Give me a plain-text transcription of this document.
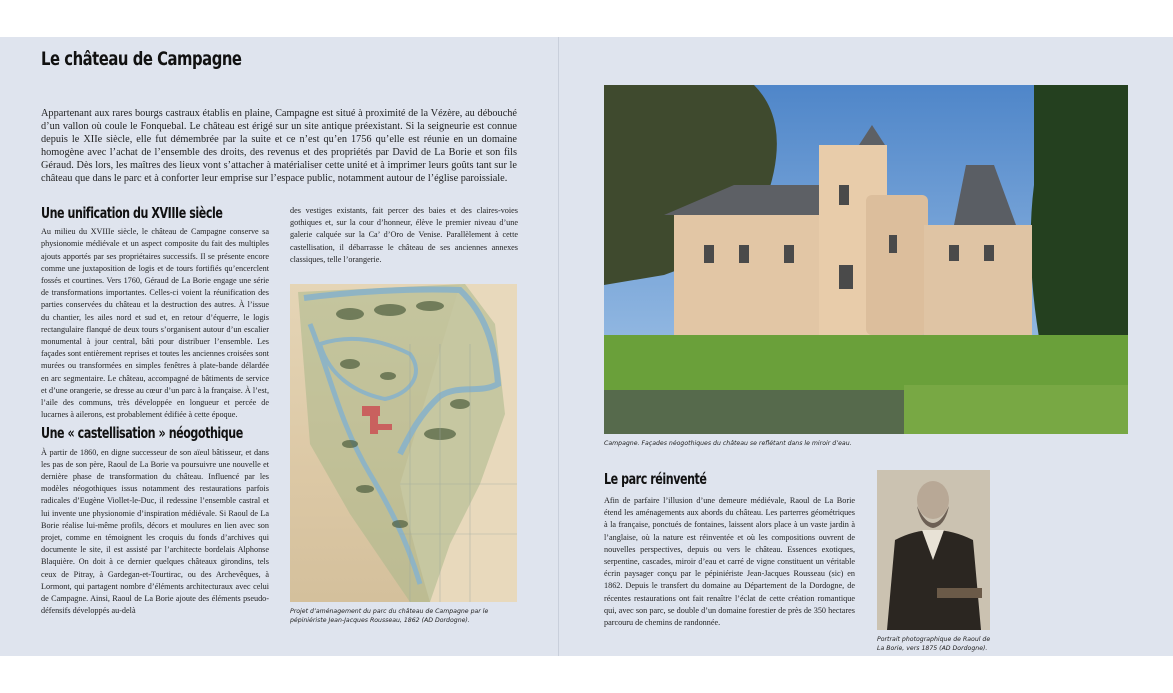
Le château de Campagne

Appartenant aux rares bourgs castraux établis en plaine, Campagne est situé à proximité de la Vézère, au débouché d’un vallon où coule le Fonquebal. Le château est érigé sur un site antique préexistant. Si la seigneurie est connue depuis le XIIe siècle, elle fut démembrée par la suite et ce n’est qu’en 1756 qu’elle est réunie en un domaine homogène avec l’achat de l’ensemble des droits, des revenus et des propriétés par David de La Borie et son fils Géraud. Dès lors, les maîtres des lieux vont s’attacher à matérialiser cette unité et à imprimer leurs goûts tant sur le château que dans le parc et à conforter leur emprise sur l’espace public, notamment autour de l’église paroissiale.

Une unification du XVIIIe siècle

Au milieu du XVIIIe siècle, le château de Campagne conserve sa physionomie médiévale et un aspect composite du fait des multiples ajouts apportés par ses propriétaires successifs. Il se présente encore comme une juxtaposition de logis et de tours fortifiés qu’encerclent fossés et courtines. Vers 1760, Géraud de La Borie engage une série de transformations importantes. Celles-ci voient la réunification des parties conservées du château et la destruction des autres. À l’issue du chantier, les ailes nord et sud et, en retour d’équerre, le logis rectangulaire flanqué de deux tours s’organisent autour d’un escalier monumental à jour central, bâti pour distribuer l’ensemble. Les façades sont entièrement reprises et toutes les anciennes croisées sont murées ou transformées en simples fenêtres à plate-bande délardée en arc segmentaire. Le château, accompagné de bâtiments de service et d’une orangerie, se dresse au cœur d’un parc à la française. À l’est, l’aile des communs, très développée en longueur et percée de lucarnes à ailerons, est probablement édifiée à cette époque.

Une « castellisation » néogothique

À partir de 1860, en digne successeur de son aïeul bâtisseur, et dans les pas de son père, Raoul de La Borie va poursuivre une nouvelle et dernière phase de transformation du château. Influencé par les modèles néogothiques issus notamment des restaurations parfois radicales d’Eugène Viollet-le-Duc, il redessine l’ensemble castral et lui invente une physionomie d’inspiration médiévale. Si Raoul de La Borie réalise lui-même profils, décors et moulures en lien avec son projet, comme en témoignent les croquis du fonds d’archives qui documente le site, il est assisté par l’architecte bordelais Alphonse Blaquière. On doit à ce dernier quelques châteaux girondins, tels ceux de Pitray, à Gardegan-et-Tourtirac, ou des Archevêques, à Lormont, qui partagent nombre d’éléments architecturaux avec celui de Campagne. Ainsi, Raoul de La Borie ajoute des éléments pseudo-défensifs développés au-delà

des vestiges existants, fait percer des baies et des claires-voies gothiques et, sur la cour d’honneur, élève le premier niveau d’une galerie calquée sur la Ca’ d’Oro de Venise. Parallèlement à cette castellisation, il débarrasse le château de ses anciennes annexes classiques, telle l’orangerie.

Projet d’aménagement du parc du château de Campagne par le pépiniériste Jean-Jacques Rousseau, 1862 (AD Dordogne).
Campagne. Façades néogothiques du château se reflétant dans le miroir d’eau.
Le parc réinventé

Afin de parfaire l’illusion d’une demeure médiévale, Raoul de La Borie étend les aménagements aux abords du château. Les parterres géométriques à la française, ponctués de fontaines, laissent alors place à un vaste jardin à l’anglaise, où la nature est réinventée et où les compositions ouvrent de nouvelles perspectives, depuis ou vers le château. Essences exotiques, serpentine, cascades, miroir d’eau et carré de vigne constituent un véritable écrin paysager conçu par le pépiniériste Jean-Jacques Rousseau (sic) en 1862. Depuis le transfert du domaine au Département de la Dordogne, de récentes restaurations ont fait renaître l’éclat de cette création romantique qui, avec son parc, se double d’un domaine forestier de près de 350 hectares parcouru de chemins de randonnée.

Portrait photographique de Raoul de La Borie, vers 1875 (AD Dordogne).
